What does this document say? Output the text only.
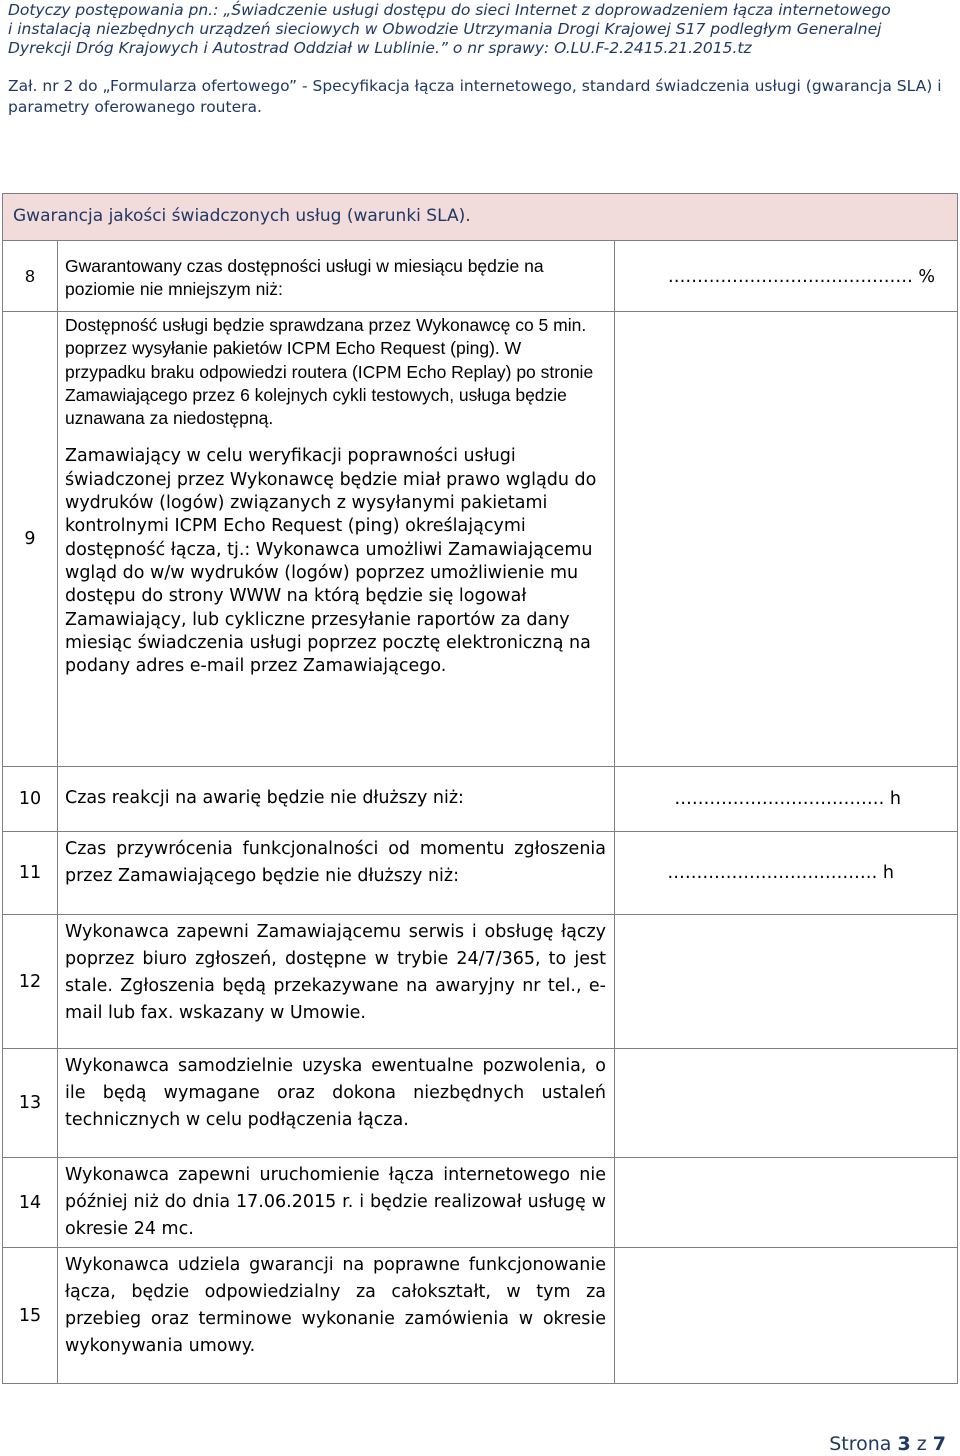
Dotyczy postępowania pn.: „Świadczenie usługi dostępu do sieci Internet z doprowadzeniem łącza internetowego
i instalacją niezbędnych urządzeń sieciowych w Obwodzie Utrzymania Drogi Krajowej S17 podległym Generalnej
Dyrekcji Dróg Krajowych i Autostrad Oddział w Lublinie.” o nr sprawy: O.LU.F-2.2415.21.2015.tz
Zał. nr 2 do „Formularza ofertowego” - Specyfikacja łącza internetowego, standard świadczenia usługi (gwarancja SLA) i parametry oferowanego routera.
Gwarancja jakości świadczonych usług (warunki SLA).		
8	Gwarantowany czas dostępności usługi w miesiącu będzie na poziomie nie mniejszym niż:	…………………………………… %
9	Dostępność usługi będzie sprawdzana przez Wykonawcę co 5 min. poprzez wysyłanie pakietów ICPM Echo Request (ping). W przypadku braku odpowiedzi routera (ICPM Echo Replay) po stronie Zamawiającego przez 6 kolejnych cykli testowych, usługa będzie uznawana za niedostępną.

Zamawiający w celu weryfikacji poprawności usługi świadczonej przez Wykonawcę będzie miał prawo wglądu do wydruków (logów) związanych z wysyłanymi pakietami kontrolnymi ICPM Echo Request (ping) określającymi dostępność łącza, tj.: Wykonawca umożliwi Zamawiającemu wgląd do w/w wydruków (logów) poprzez umożliwienie mu dostępu do strony WWW na którą będzie się logował Zamawiający, lub cykliczne przesyłanie raportów za dany miesiąc świadczenia usługi poprzez pocztę elektroniczną na podany adres e-mail przez Zamawiającego.	

10	Czas reakcji na awarię będzie nie dłuższy niż:	……………………………… h
11	Czas przywrócenia funkcjonalności od momentu zgłoszenia przez Zamawiającego będzie nie dłuższy niż:	……………………………… h
12	Wykonawca zapewni Zamawiającemu serwis i obsługę łączy poprzez biuro zgłoszeń, dostępne w trybie 24/7/365, to jest stale. Zgłoszenia będą przekazywane na awaryjny nr tel., e-mail lub fax. wskazany w Umowie.	
13	Wykonawca samodzielnie uzyska ewentualne pozwolenia, o ile będą wymagane oraz dokona niezbędnych ustaleń technicznych w celu podłączenia łącza.	
14	Wykonawca zapewni uruchomienie łącza internetowego nie później niż do dnia 17.06.2015 r. i będzie realizował usługę w okresie 24 mc.	
15	Wykonawca udziela gwarancji na poprawne funkcjonowanie łącza, będzie odpowiedzialny za całokształt, w tym za przebieg oraz terminowe wykonanie zamówienia w okresie wykonywania umowy.	
Strona 3 z 7
